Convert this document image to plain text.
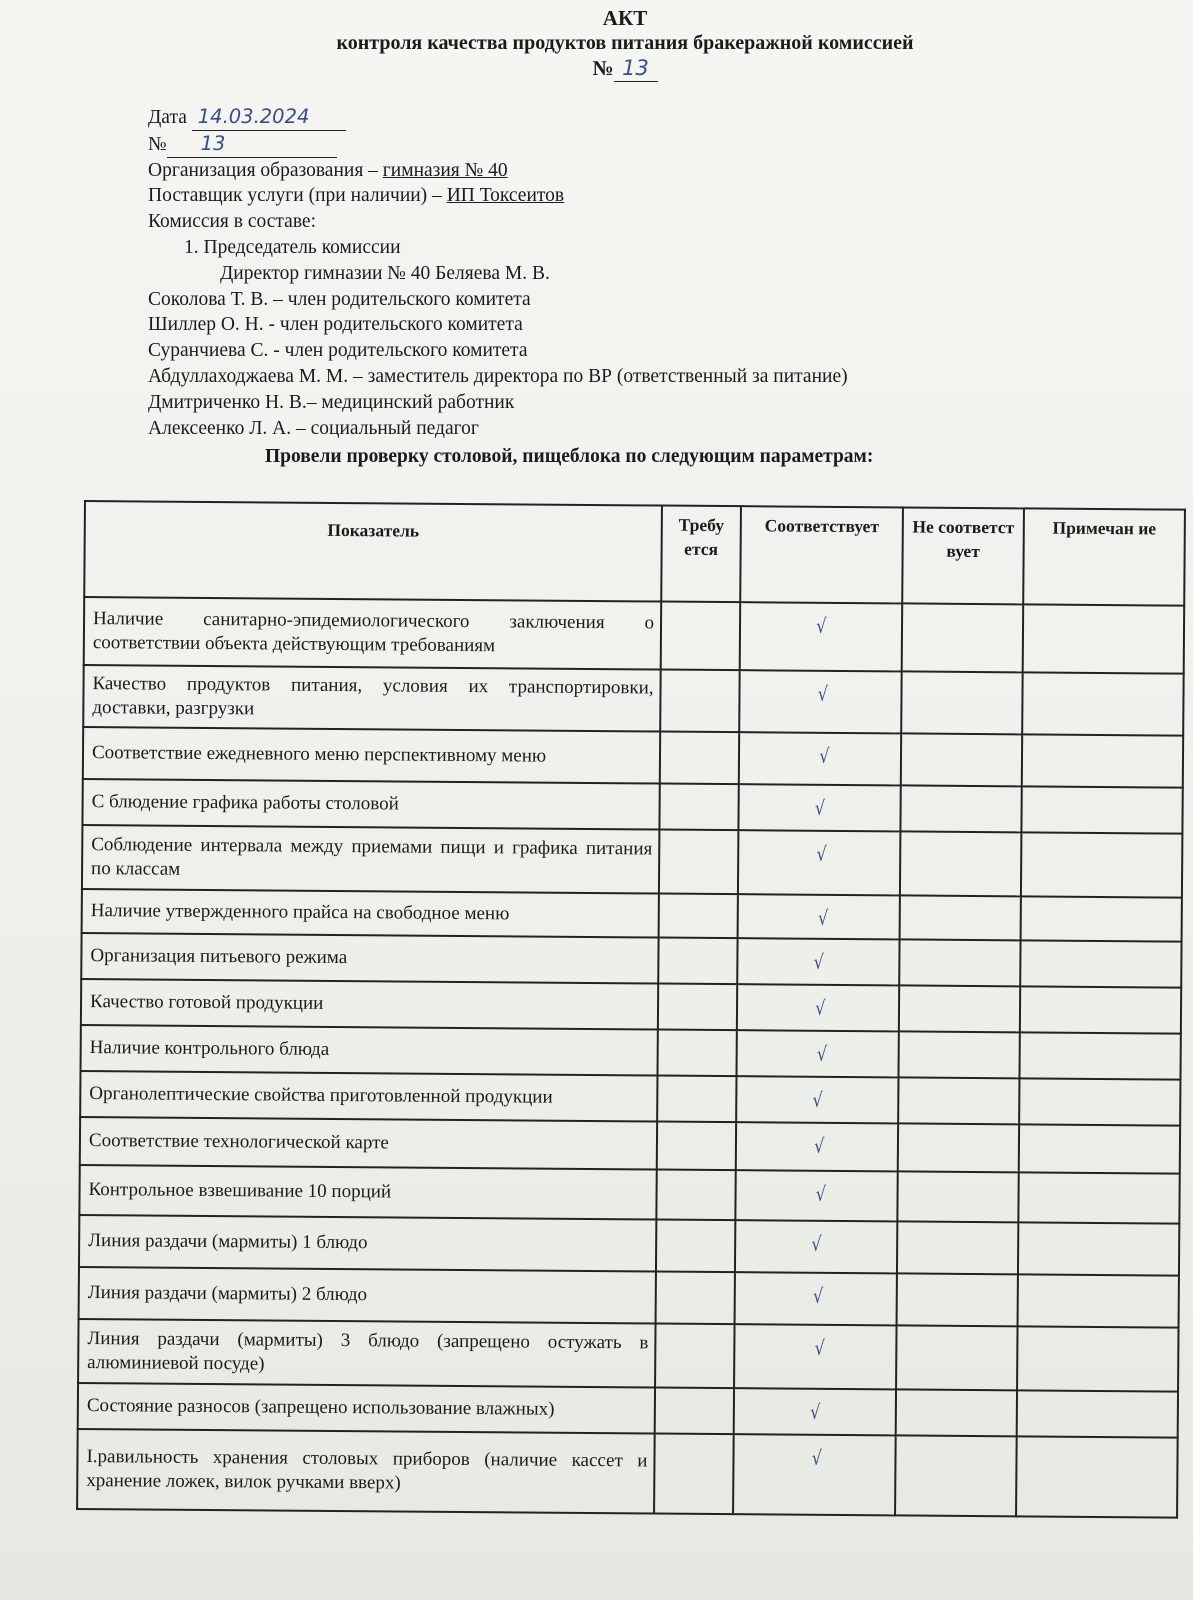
АКТ
контроля качества продуктов питания бракеражной комиссией
№ 13
Дата 14.03.2024
№ 13
Организация образования – гимназия № 40
Поставщик услуги (при наличии) – ИП Токсеитов
Комиссия в составе:
1. Председатель комиссии
Директор гимназии № 40 Беляева М. В.
Соколова Т. В. – член родительского комитета
Шиллер О. Н. - член родительского комитета
Суранчиева С. - член родительского комитета
Абдуллаходжаева М. М. – заместитель директора по ВР (ответственный за питание)
Дмитриченко Н. В.– медицинский работник
Алексеенко Л. А. – социальный педагог
Провели проверку столовой, пищеблока по следующим параметрам:
Показатель	Требу ется	Соответствует	Не соответст вует	Примечан ие
Наличие санитарно-эпидемиологического заключения о соответствии объекта действующим требованиям		√		
Качество продуктов питания, условия их транспортировки, доставки, разгрузки		√		
Соответствие ежедневного меню перспективному меню		√		
С блюдение графика работы столовой		√		
Соблюдение интервала между приемами пищи и графика питания по классам		√		
Наличие утвержденного прайса на свободное меню		√		
Организация питьевого режима		√		
Качество готовой продукции		√		
Наличие контрольного блюда		√		
Органолептические свойства приготовленной продукции		√		
Соответствие технологической карте		√		
Контрольное взвешивание 10 порций		√		
Линия раздачи (мармиты) 1 блюдо		√		
Линия раздачи (мармиты) 2 блюдо		√		
Линия раздачи (мармиты) 3 блюдо (запрещено остужать в алюминиевой посуде)		√		
Состояние разносов (запрещено использование влажных)		√		
I.равильность хранения столовых приборов (наличие кассет и хранение ложек, вилок ручками вверх)		√		
